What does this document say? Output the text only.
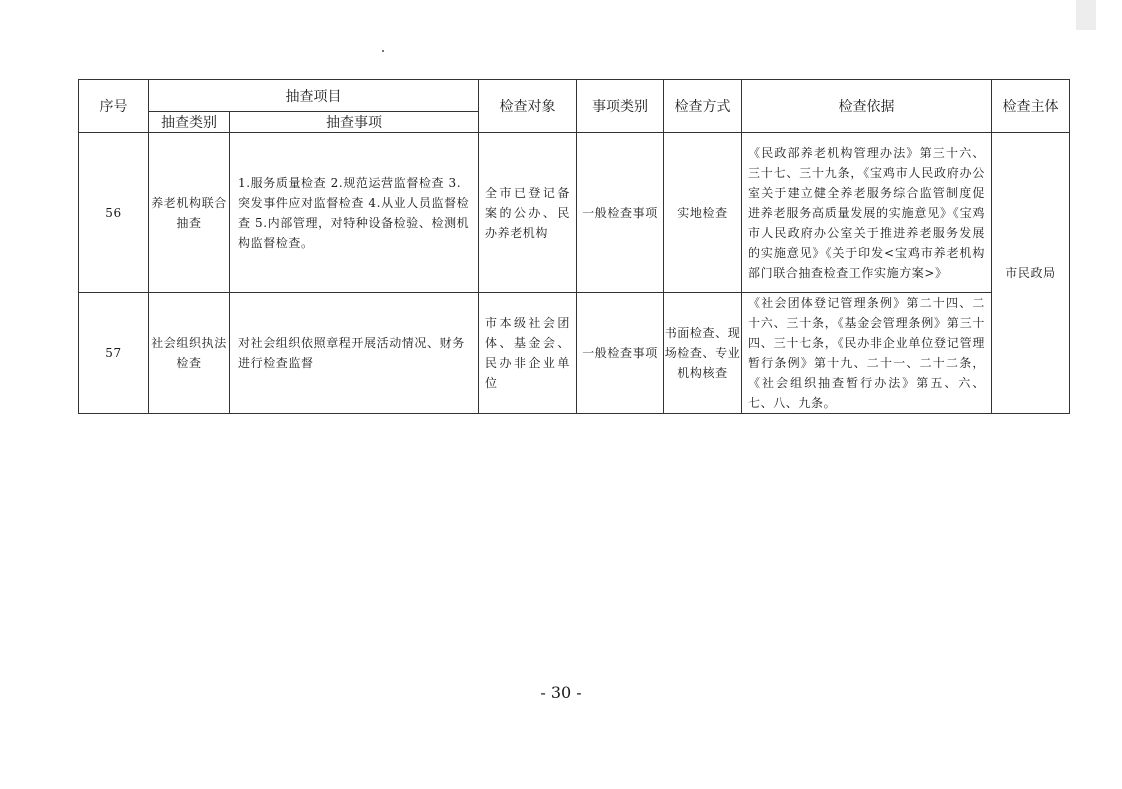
序号	抽查项目		检查对象	事项类别	检查方式	检查依据	检查主体
	抽查类别	抽查事项					
56	养老机构联合抽查	1.服务质量检查 2.规范运营监督检查 3.突发事件应对监督检查 4.从业人员监督检查 5.内部管理，对特种设备检验、检测机构监督检查。	全市已登记备案的公办、民办养老机构	一般检查事项	实地检查	《民政部养老机构管理办法》第三十六、三十七、三十九条，《宝鸡市人民政府办公室关于建立健全养老服务综合监管制度促进养老服务高质量发展的实施意见》《宝鸡市人民政府办公室关于推进养老服务发展的实施意见》《关于印发<宝鸡市养老机构部门联合抽查检查工作实施方案>》	市民政局
57	社会组织执法检查	对社会组织依照章程开展活动情况、财务进行检查监督	市本级社会团体、基金会、民办非企业单位	一般检查事项	书面检查、现场检查、专业机构核查	《社会团体登记管理条例》第二十四、二十六、三十条，《基金会管理条例》第三十四、三十七条，《民办非企业单位登记管理暂行条例》第十九、二十一、二十二条，《社会组织抽查暂行办法》第五、六、七、八、九条。	
- 30 -
